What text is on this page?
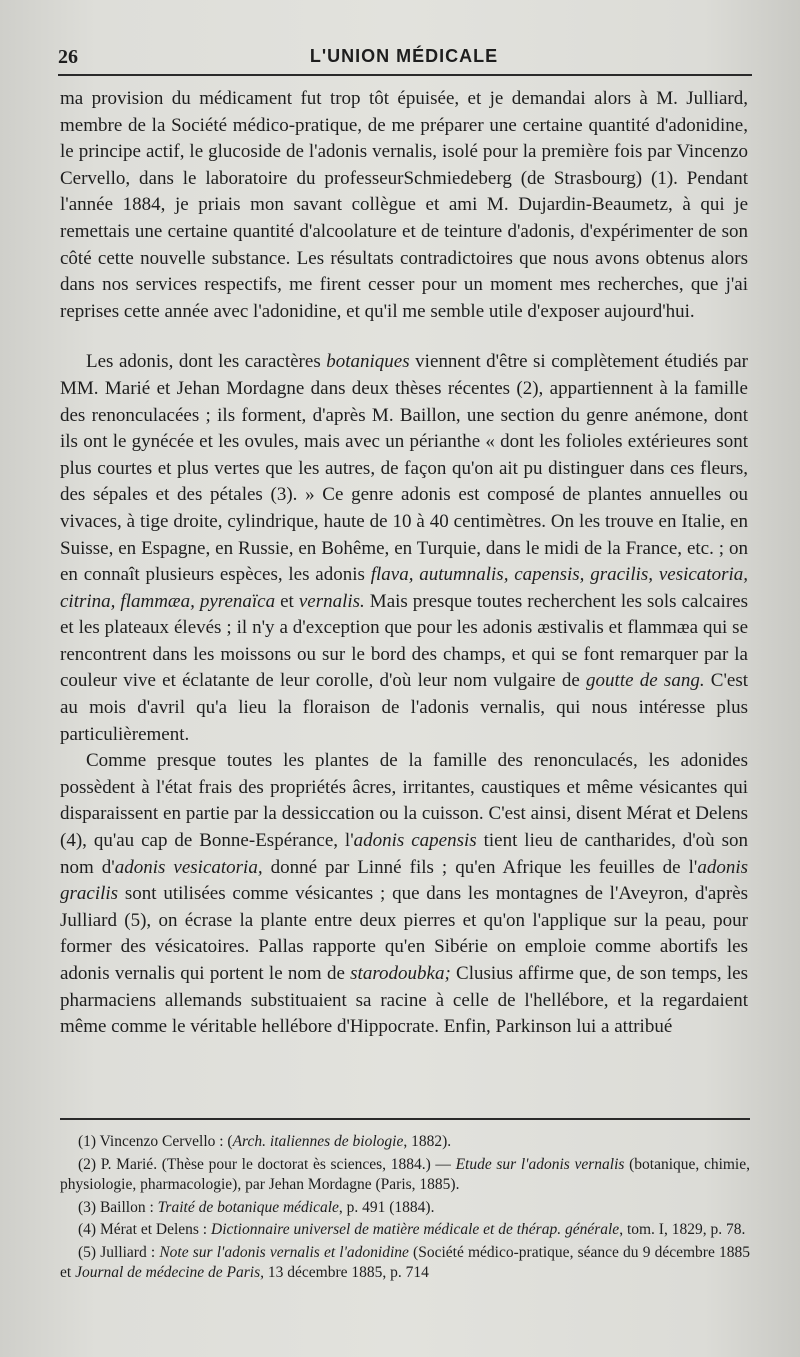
26	L'UNION MÉDICALE

ma provision du médicament fut trop tôt épuisée, et je demandai alors à M. Julliard, membre de la Société médico-pratique, de me préparer une certaine quantité d'adonidine, le principe actif, le glucoside de l'adonis vernalis, isolé pour la première fois par Vincenzo Cervello, dans le laboratoire du professeurSchmiedeberg (de Strasbourg) (1). Pendant l'année 1884, je priais mon savant collègue et ami M. Dujardin-Beaumetz, à qui je remettais une certaine quantité d'alcoolature et de teinture d'adonis, d'expérimenter de son côté cette nouvelle substance. Les résultats contradictoires que nous avons obtenus alors dans nos services respectifs, me firent cesser pour un moment mes recherches, que j'ai reprises cette année avec l'adonidine, et qu'il me semble utile d'exposer aujourd'hui.

Les adonis, dont les caractères botaniques viennent d'être si complètement étudiés par MM. Marié et Jehan Mordagne dans deux thèses récentes (2), appartiennent à la famille des renonculacées ; ils forment, d'après M. Baillon, une section du genre anémone, dont ils ont le gynécée et les ovules, mais avec un périanthe « dont les folioles extérieures sont plus courtes et plus vertes que les autres, de façon qu'on ait pu distinguer dans ces fleurs, des sépales et des pétales (3). » Ce genre adonis est composé de plantes annuelles ou vivaces, à tige droite, cylindrique, haute de 10 à 40 centimètres. On les trouve en Italie, en Suisse, en Espagne, en Russie, en Bohême, en Turquie, dans le midi de la France, etc. ; on en connaît plusieurs espèces, les adonis flava, autumnalis, capensis, gracilis, vesicatoria, citrina, flammæa, pyrenaïca et vernalis. Mais presque toutes recherchent les sols calcaires et les plateaux élevés ; il n'y a d'exception que pour les adonis æstivalis et flammæa qui se rencontrent dans les moissons ou sur le bord des champs, et qui se font remarquer par la couleur vive et éclatante de leur corolle, d'où leur nom vulgaire de goutte de sang. C'est au mois d'avril qu'a lieu la floraison de l'adonis vernalis, qui nous intéresse plus particulièrement.

Comme presque toutes les plantes de la famille des renonculacés, les adonides possèdent à l'état frais des propriétés âcres, irritantes, caustiques et même vésicantes qui disparaissent en partie par la dessiccation ou la cuisson. C'est ainsi, disent Mérat et Delens (4), qu'au cap de Bonne-Espérance, l'adonis capensis tient lieu de cantharides, d'où son nom d'adonis vesicatoria, donné par Linné fils ; qu'en Afrique les feuilles de l'adonis gracilis sont utilisées comme vésicantes ; que dans les montagnes de l'Aveyron, d'après Julliard (5), on écrase la plante entre deux pierres et qu'on l'applique sur la peau, pour former des vésicatoires. Pallas rapporte qu'en Sibérie on emploie comme abortifs les adonis vernalis qui portent le nom de starodoubka; Clusius affirme que, de son temps, les pharmaciens allemands substituaient sa racine à celle de l'hellébore, et la regardaient même comme le véritable hellébore d'Hippocrate. Enfin, Parkinson lui a attribué

(1) Vincenzo Cervello : (Arch. italiennes de biologie, 1882).

(2) P. Marié. (Thèse pour le doctorat ès sciences, 1884.) — Etude sur l'adonis vernalis (botanique, chimie, physiologie, pharmacologie), par Jehan Mordagne (Paris, 1885).

(3) Baillon : Traité de botanique médicale, p. 491 (1884).

(4) Mérat et Delens : Dictionnaire universel de matière médicale et de thérap. générale, tom. I, 1829, p. 78.

(5) Julliard : Note sur l'adonis vernalis et l'adonidine (Société médico-pratique, séance du 9 décembre 1885 et Journal de médecine de Paris, 13 décembre 1885, p. 714
